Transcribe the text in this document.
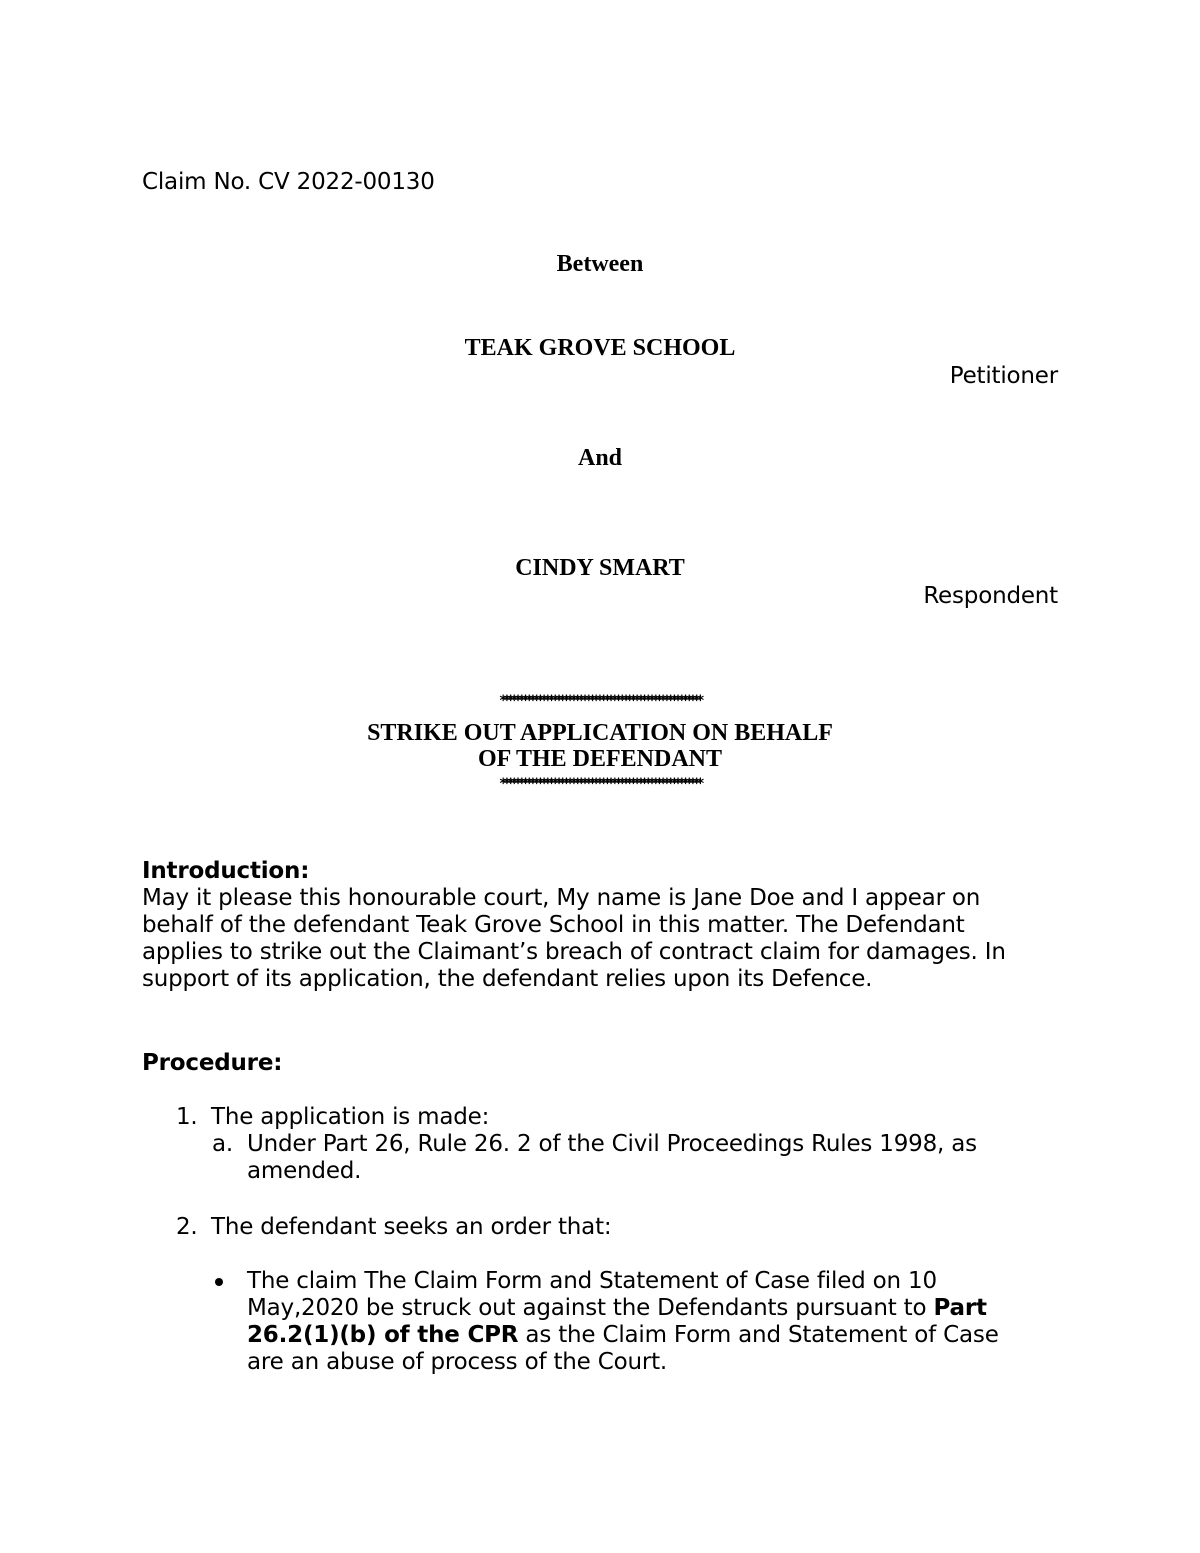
Claim No. CV 2022-00130
Between
TEAK GROVE SCHOOL
Petitioner
And
CINDY SMART
Respondent
******************************************************
STRIKE OUT APPLICATION ON BEHALF
OF THE DEFENDANT
******************************************************
Introduction:
May it please this honourable court, My name is Jane Doe and I appear on
behalf of the defendant Teak Grove School in this matter. The Defendant
applies to strike out the Claimant’s breach of contract claim for damages. In
support of its application, the defendant relies upon its Defence.
Procedure:
1. The application is made:
a. Under Part 26, Rule 26. 2 of the Civil Proceedings Rules 1998, as
amended.
2. The defendant seeks an order that:
The claim The Claim Form and Statement of Case filed on 10
May,2020 be struck out against the Defendants pursuant to Part
26.2(1)(b) of the CPR as the Claim Form and Statement of Case
are an abuse of process of the Court.
